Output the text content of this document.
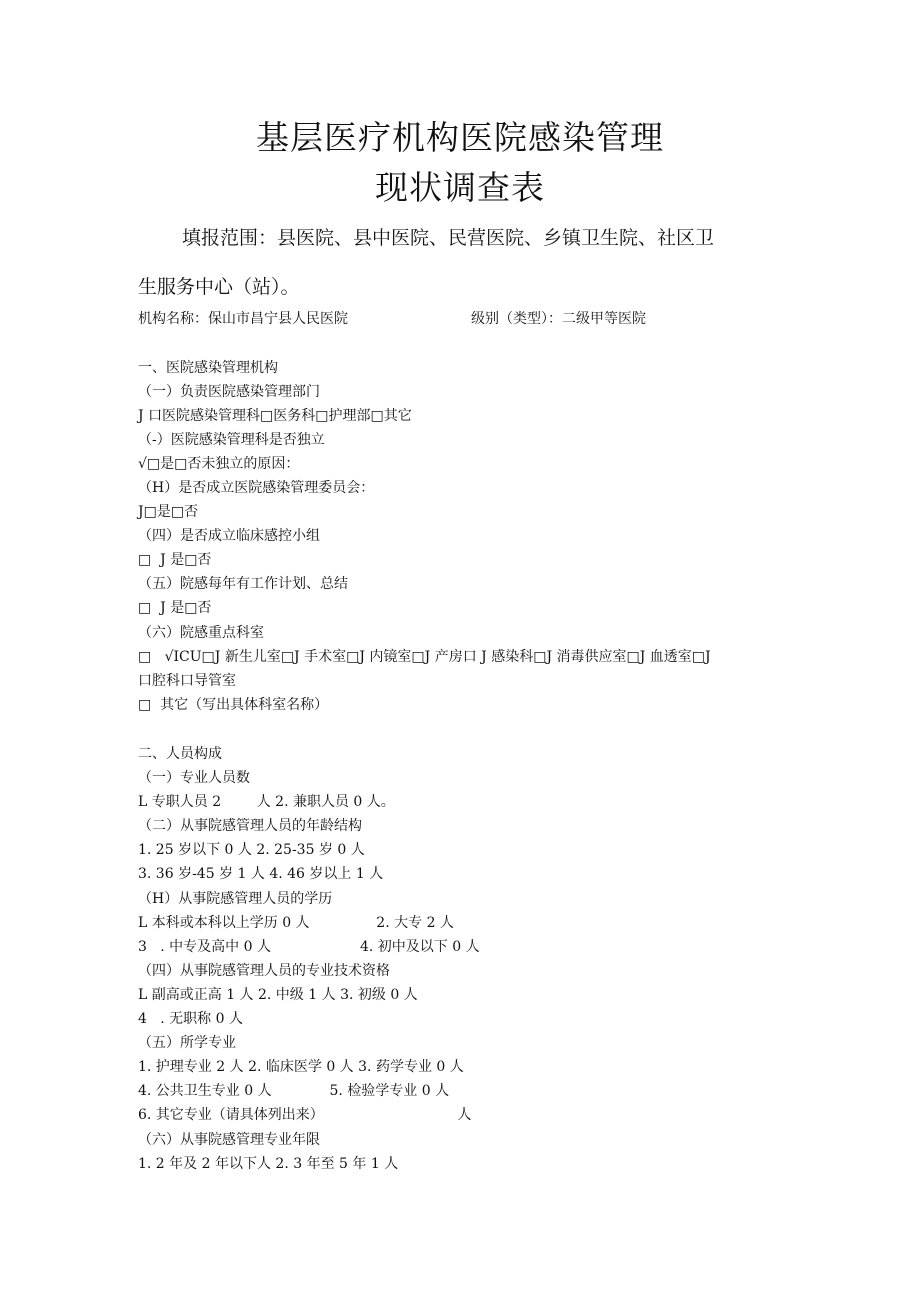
基层医疗机构医院感染管理
现状调查表
填报范围：县医院、县中医院、民营医院、乡镇卫生院、社区卫
生服务中心（站）。
机构名称：保山市昌宁县人民医院	级别（类型）：二级甲等医院
一、医院感染管理机构
（一）负责医院感染管理部门
J 口医院感染管理科□医务科□护理部□其它
（-）医院感染管理科是否独立
√□是□否未独立的原因：
（H）是否成立医院感染管理委员会：
J□是□否
（四）是否成立临床感控小组
□  J 是□否
（五）院感每年有工作计划、总结
□  J 是□否
（六）院感重点科室
□   √ICU□J 新生儿室□J 手术室□J 内镜室□J 产房口 J 感染科□J 消毒供应室□J 血透室□J
口腔科口导管室
□  其它（写出具体科室名称）
二、人员构成
（一）专业人员数
L 专职人员 2        人 2. 兼职人员 0 人。
（二）从事院感管理人员的年龄结构
1. 25 岁以下 0 人 2. 25-35 岁 0 人
3. 36 岁-45 岁 1 人 4. 46 岁以上 1 人
（H）从事院感管理人员的学历
L 本科或本科以上学历 0 人               2. 大专 2 人
3   . 中专及高中 0 人                    4. 初中及以下 0 人
（四）从事院感管理人员的专业技术资格
L 副高或正高 1 人 2. 中级 1 人 3. 初级 0 人
4   . 无职称 0 人
（五）所学专业
1. 护理专业 2 人 2. 临床医学 0 人 3. 药学专业 0 人
4. 公共卫生专业 0 人             5. 检验学专业 0 人
6. 其它专业（请具体列出来）                              人
（六）从事院感管理专业年限
1. 2 年及 2 年以下人 2. 3 年至 5 年 1 人
